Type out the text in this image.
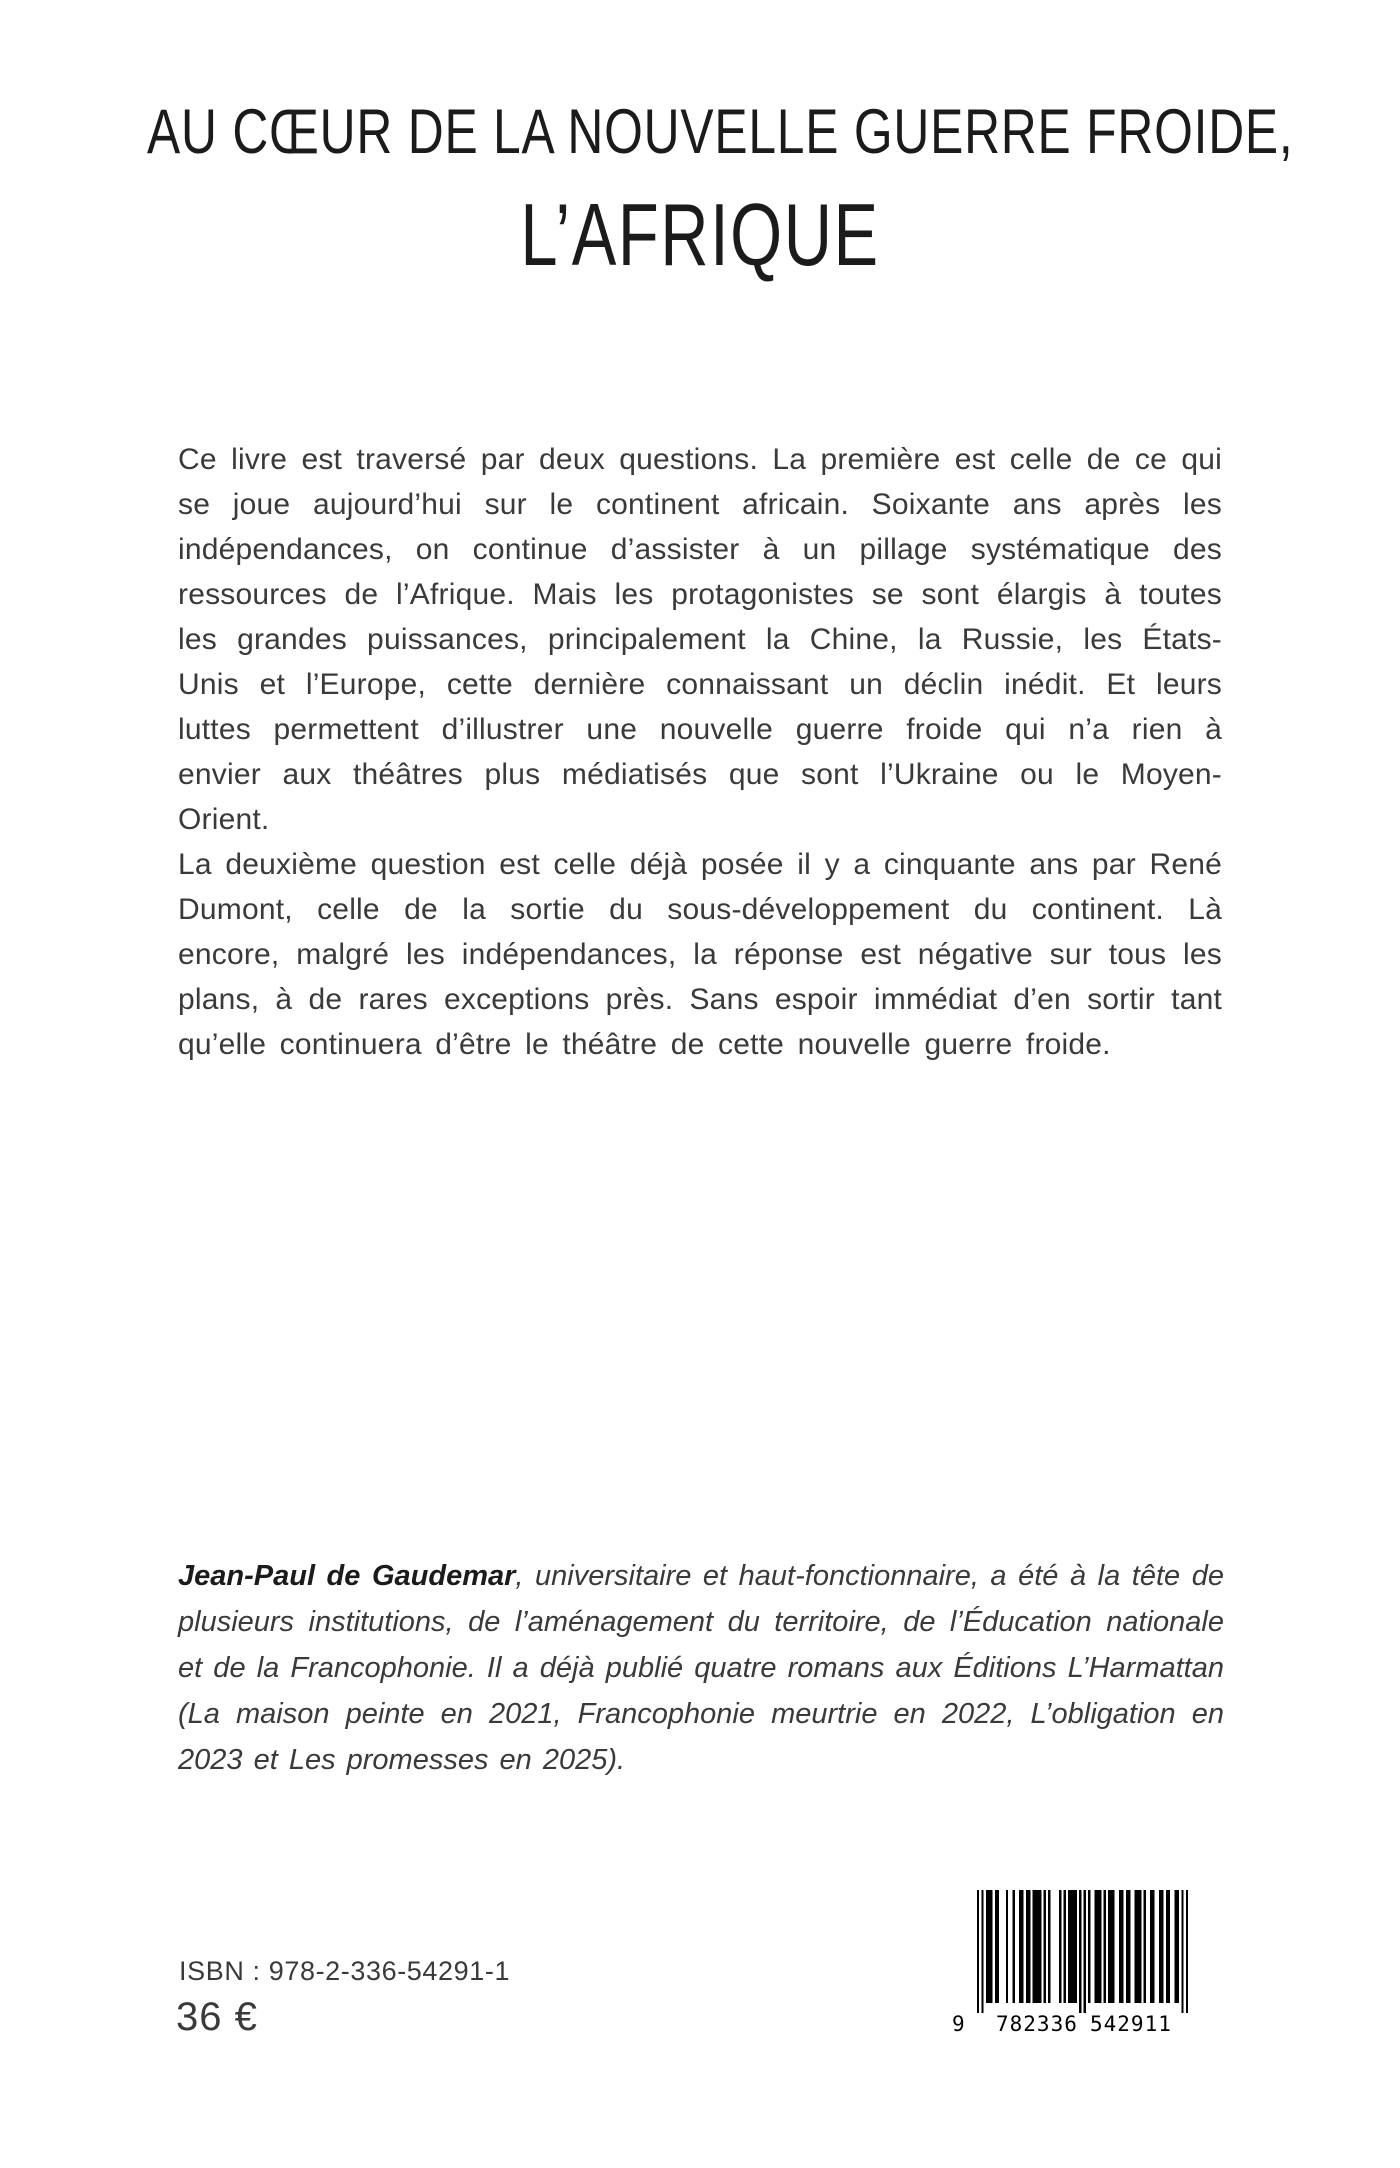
AU CŒUR DE LA NOUVELLE GUERRE FROIDE,
L’AFRIQUE

Ce livre est traversé par deux questions. La première est celle de ce qui se joue aujourd’hui sur le continent africain. Soixante ans après les indépendances, on continue d’assister à un pillage systématique des ressources de l’Afrique. Mais les protagonistes se sont élargis à toutes les grandes puissances, principalement la Chine, la Russie, les États-Unis et l’Europe, cette dernière connaissant un déclin inédit. Et leurs luttes permettent d’illustrer une nouvelle guerre froide qui n’a rien à envier aux théâtres plus médiatisés que sont l’Ukraine ou le Moyen-Orient.

La deuxième question est celle déjà posée il y a cinquante ans par René Dumont, celle de la sortie du sous-développement du continent. Là encore, malgré les indépendances, la réponse est négative sur tous les plans, à de rares exceptions près. Sans espoir immédiat d’en sortir tant qu’elle continuera d’être le théâtre de cette nouvelle guerre froide.

Jean-Paul de Gaudemar, universitaire et haut-fonctionnaire, a été à la tête de plusieurs institutions, de l’aménagement du territoire, de l’Éducation nationale et de la Francophonie. Il a déjà publié quatre romans aux Éditions L’Harmattan (La maison peinte en 2021, Francophonie meurtrie en 2022, L’obligation en 2023 et Les promesses en 2025).
ISBN : 978-2-336-54291-1
36 €	9 782336 542911
